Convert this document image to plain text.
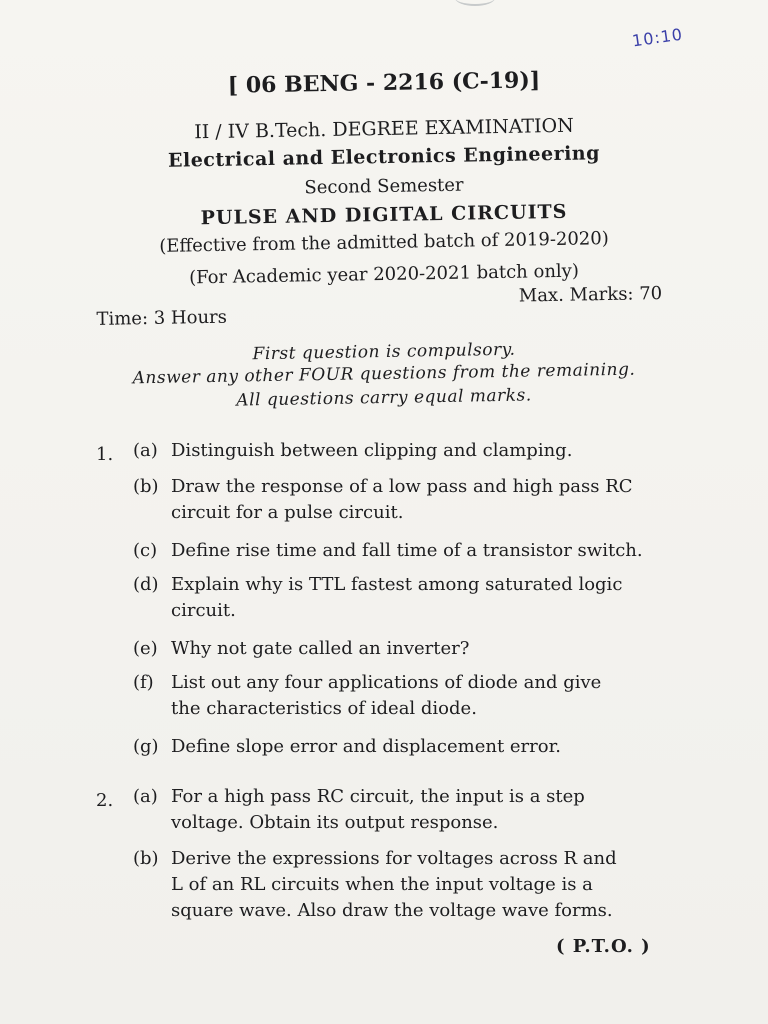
10:10
[ 06 BENG - 2216 (C-19)]
II / IV B.Tech. DEGREE EXAMINATION
Electrical and Electronics Engineering
Second Semester
PULSE AND DIGITAL CIRCUITS
(Effective from the admitted batch of 2019-2020)
(For Academic year 2020-2021 batch only)
Time: 3 Hours
Max. Marks: 70
First question is compulsory.
Answer any other FOUR questions from the remaining.
All questions carry equal marks.
1. (a) Distinguish between clipping and clamping.
(b) Draw the response of a low pass and high pass RC
circuit for a pulse circuit.
(c) Define rise time and fall time of a transistor switch.
(d) Explain why is TTL fastest among saturated logic
circuit.
(e) Why not gate called an inverter?
(f) List out any four applications of diode and give
the characteristics of ideal diode.
(g) Define slope error and displacement error.
2. (a) For a high pass RC circuit, the input is a step
voltage. Obtain its output response.
(b) Derive the expressions for voltages across R and
L of an RL circuits when the input voltage is a
square wave. Also draw the voltage wave forms.
( P.T.O. )
